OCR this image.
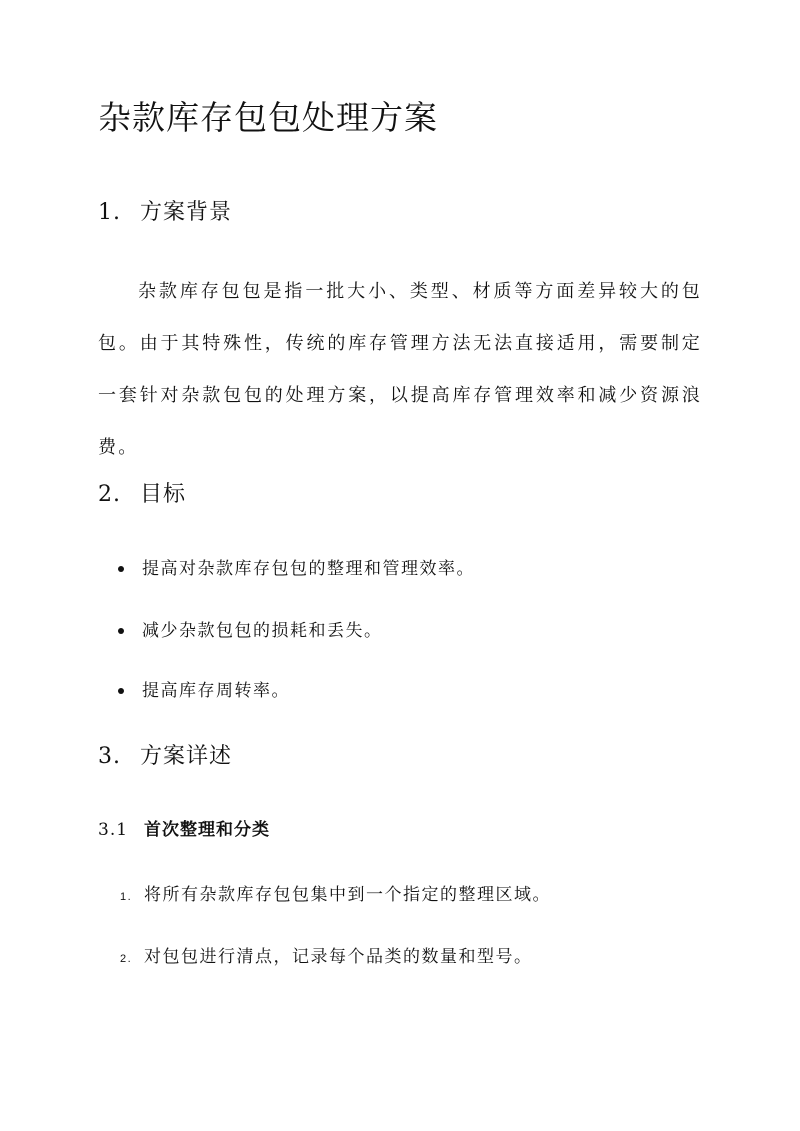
杂款库存包包处理方案
1. 方案背景

杂款库存包包是指一批大小、类型、材质等方面差异较大的包包。由于其特殊性，传统的库存管理方法无法直接适用，需要制定一套针对杂款包包的处理方案，以提高库存管理效率和减少资源浪费。

2. 目标
提高对杂款库存包包的整理和管理效率。
减少杂款包包的损耗和丢失。
提高库存周转率。
3. 方案详述
3.1 首次整理和分类
1. 将所有杂款库存包包集中到一个指定的整理区域。
2. 对包包进行清点，记录每个品类的数量和型号。
